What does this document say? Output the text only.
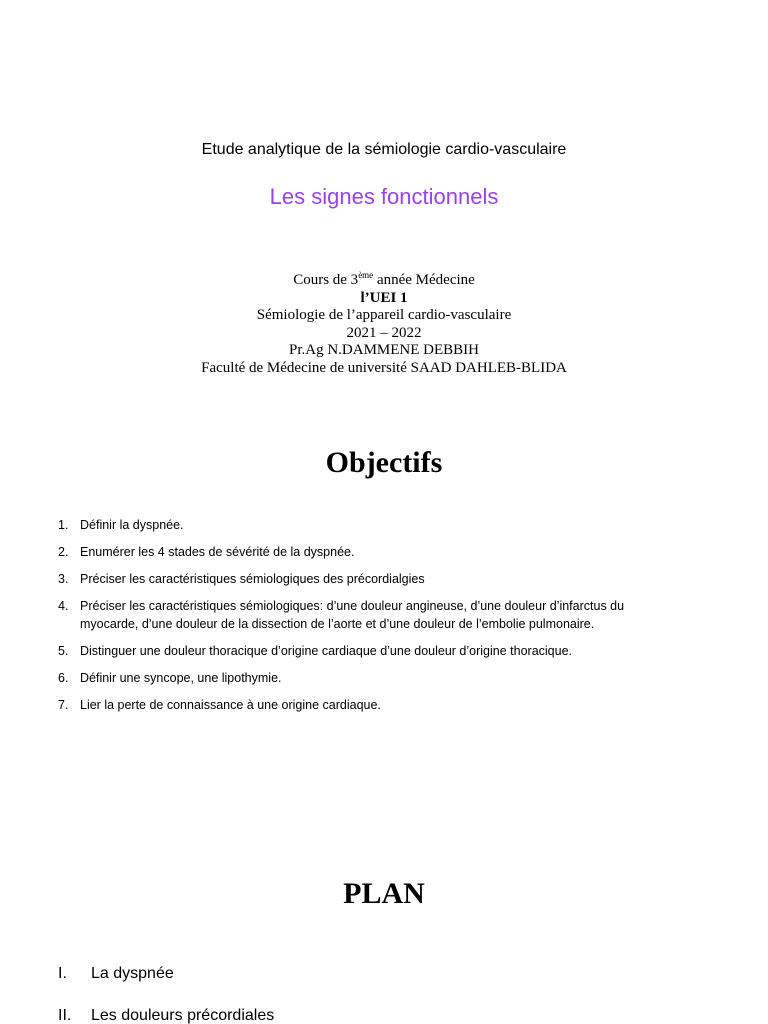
Etude analytique de la sémiologie cardio-vasculaire
Les signes fonctionnels
Cours de 3ème année Médecine
l’UEI 1
Sémiologie de l’appareil cardio-vasculaire
2021 – 2022
Pr.Ag N.DAMMENE DEBBIH
Faculté de Médecine de université SAAD DAHLEB-BLIDA
Objectifs
1. Définir la dyspnée.
2. Enumérer les 4 stades de sévérité de la dyspnée.
3. Préciser les caractéristiques sémiologiques des précordialgies
4. Préciser les caractéristiques sémiologiques: d’une douleur angineuse, d’une douleur d’infarctus du myocarde, d’une douleur de la dissection de l’aorte et d’une douleur de l’embolie pulmonaire.
5. Distinguer une douleur thoracique d’origine cardiaque d’une douleur d’origine thoracique.
6. Définir une syncope, une lipothymie.
7. Lier la perte de connaissance à une origine cardiaque.
PLAN
I. La dyspnée
II. Les douleurs précordiales
